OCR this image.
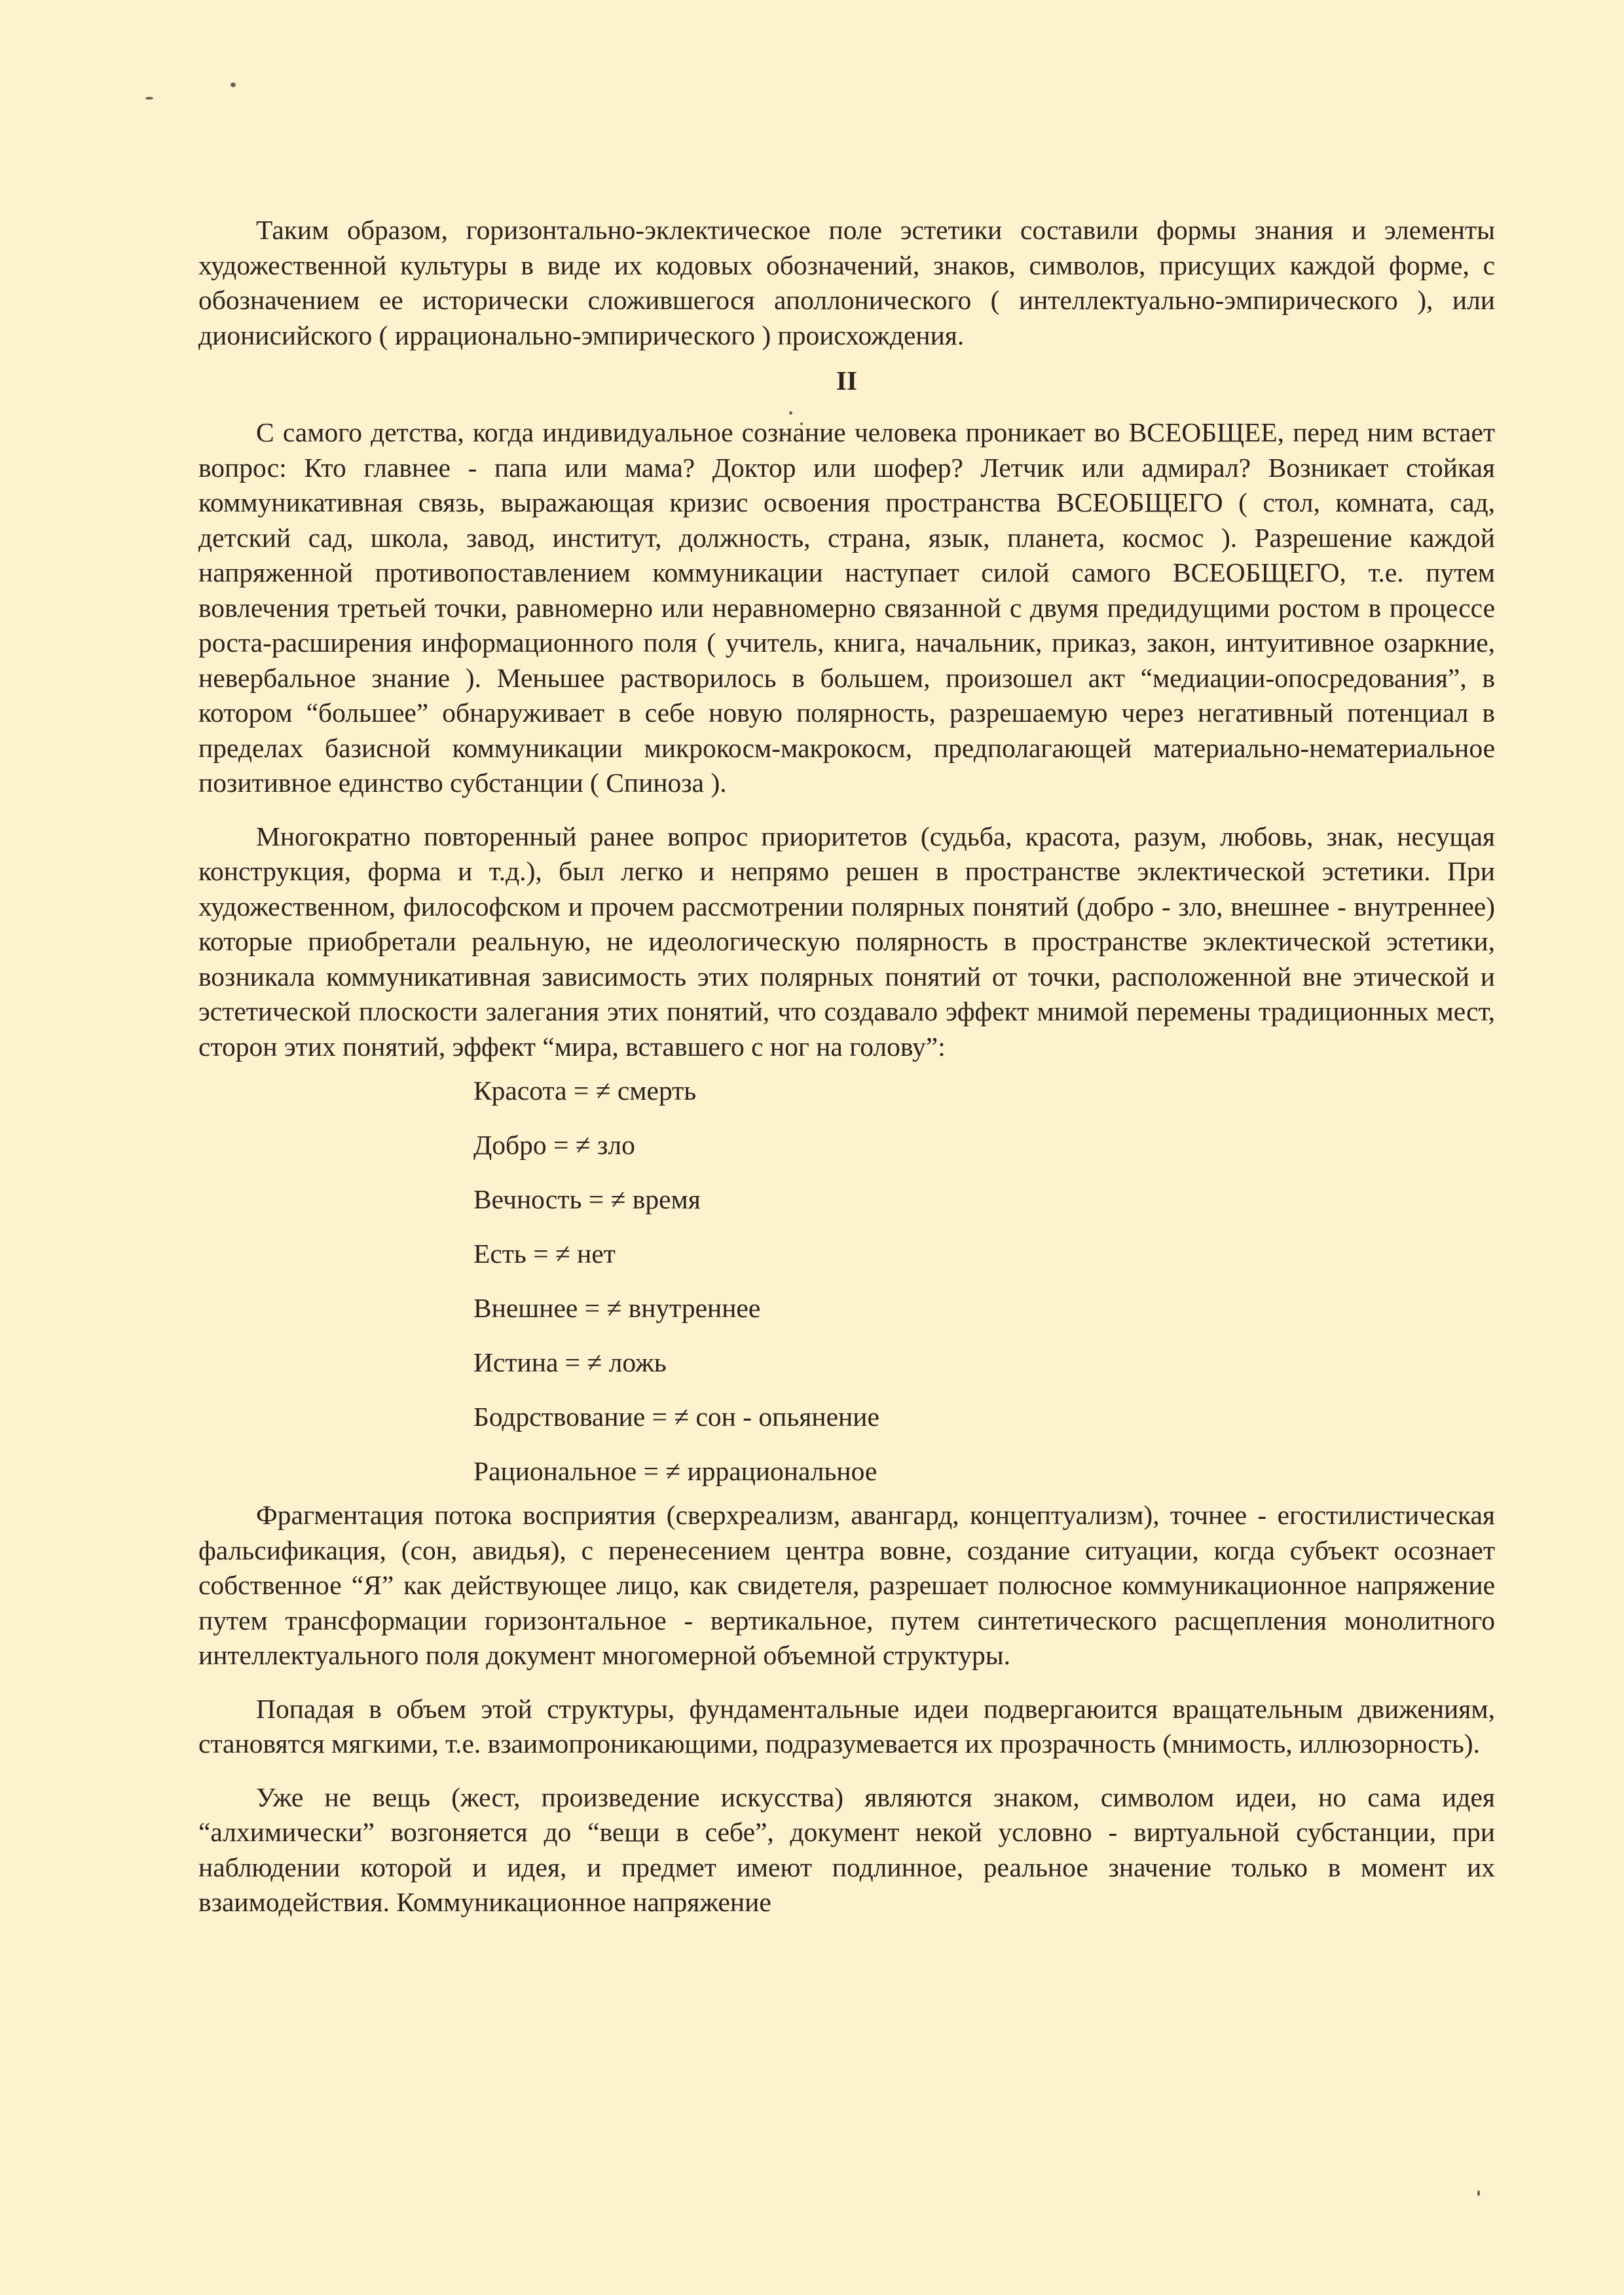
Таким образом, горизонтально-эклектическое поле эстетики составили формы знания и элементы художественной культуры в виде их кодовых обозначений, знаков, символов, присущих каждой форме, с обозначением ее исторически сложившегося аполлонического ( интеллектуально-эмпирического ), или дионисийского ( иррационально-эмпирического ) происхождения.

II

С самого детства, когда индивидуальное сознание человека проникает во ВСЕОБЩЕЕ, перед ним встает вопрос: Кто главнее - папа или мама? Доктор или шофер? Летчик или адмирал? Возникает стойкая коммуникативная связь, выражающая кризис освоения пространства ВСЕОБЩЕГО ( стол, комната, сад, детский сад, школа, завод, институт, должность, страна, язык, планета, космос ). Разрешение каждой напряженной противопоставлением коммуникации наступает силой самого ВСЕОБЩЕГО, т.е. путем вовлечения третьей точки, равномерно или неравномерно связанной с двумя предидущими ростом в процессе роста-расширения информационного поля ( учитель, книга, начальник, приказ, закон, интуитивное озаркние, невербальное знание ). Меньшее растворилось в большем, произошел акт “медиации-опосредования”, в котором “большее” обнаруживает в себе новую полярность, разрешаемую через негативный потенциал в пределах базисной коммуникации микрокосм-макрокосм, предполагающей материально-нематериальное позитивное единство субстанции ( Спиноза ).

Многократно повторенный ранее вопрос приоритетов (судьба, красота, разум, любовь, знак, несущая конструкция, форма и т.д.), был легко и непрямо решен в пространстве эклектической эстетики. При художественном, философском и прочем рассмотрении полярных понятий (добро - зло, внешнее - внутреннее) которые приобретали реальную, не идеологическую полярность в пространстве эклектической эстетики, возникала коммуникативная зависимость этих полярных понятий от точки, расположенной вне этической и эстетической плоскости залегания этих понятий, что создавало эффект мнимой перемены традиционных мест, сторон этих понятий, эффект “мира, вставшего с ног на голову”:

Красота = ≠ смерть
Добро = ≠ зло
Вечность = ≠ время
Есть = ≠ нет
Внешнее = ≠ внутреннее
Истина = ≠ ложь
Бодрствование = ≠ сон - опьянение
Рациональное = ≠ иррациональное

Фрагментация потока восприятия (сверхреализм, авангард, концептуализм), точнее - егостилистическая фальсификация, (сон, авидья), с перенесением центра вовне, создание ситуации, когда субъект осознает собственное “Я” как действующее лицо, как свидетеля, разрешает полюсное коммуникационное напряжение путем трансформации горизонтальное - вертикальное, путем синтетического расщепления монолитного интеллектуального поля документ многомерной объемной структуры.

Попадая в объем этой структуры, фундаментальные идеи подвергаюится вращательным движениям, становятся мягкими, т.е. взаимопроникающими, подразумевается их прозрачность (мнимость, иллюзорность).

Уже не вещь (жест, произведение искусства) являются знаком, символом идеи, но сама идея “алхимически” возгоняется до “вещи в себе”, документ некой условно - виртуальной субстанции, при наблюдении которой и идея, и предмет имеют подлинное, реальное значение только в момент их взаимодействия. Коммуникационное напряжение
